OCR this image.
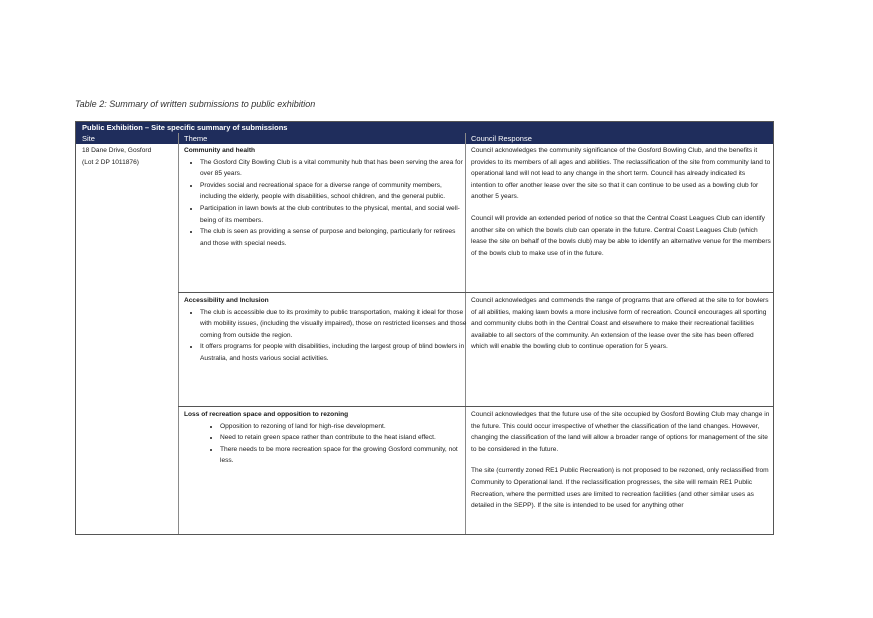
Table 2: Summary of written submissions to public exhibition
Public Exhibition – Site specific summary of submissions
Site	Theme	Council Response
18 Dane Drive, Gosford
(Lot 2 DP 1011876)
Community and health
• The Gosford City Bowling Club is a vital community hub that has been serving the area for over 85 years.
• Provides social and recreational space for a diverse range of community members, including the elderly, people with disabilities, school children, and the general public.
• Participation in lawn bowls at the club contributes to the physical, mental, and social well-being of its members.
• The club is seen as providing a sense of purpose and belonging, particularly for retirees and those with special needs.

Council acknowledges the community significance of the Gosford Bowling Club, and the benefits it provides to its members of all ages and abilities. The reclassification of the site from community land to operational land will not lead to any change in the short term. Council has already indicated its intention to offer another lease over the site so that it can continue to be used as a bowling club for another 5 years.

Council will provide an extended period of notice so that the Central Coast Leagues Club can identify another site on which the bowls club can operate in the future. Central Coast Leagues Club (which lease the site on behalf of the bowls club) may be able to identify an alternative venue for the members of the bowls club to make use of in the future.

Accessibility and Inclusion
• The club is accessible due to its proximity to public transportation, making it ideal for those with mobility issues, (including the visually impaired), those on restricted licenses and those coming from outside the region.
• It offers programs for people with disabilities, including the largest group of blind bowlers in Australia, and hosts various social activities.

Council acknowledges and commends the range of programs that are offered at the site to for bowlers of all abilities, making lawn bowls a more inclusive form of recreation. Council encourages all sporting and community clubs both in the Central Coast and elsewhere to make their recreational facilities available to all sectors of the community. An extension of the lease over the site has been offered which will enable the bowling club to continue operation for 5 years.

Loss of recreation space and opposition to rezoning
• Opposition to rezoning of land for high-rise development.
• Need to retain green space rather than contribute to the heat island effect.
• There needs to be more recreation space for the growing Gosford community, not less.

Council acknowledges that the future use of the site occupied by Gosford Bowling Club may change in the future. This could occur irrespective of whether the classification of the land changes. However, changing the classification of the land will allow a broader range of options for management of the site to be considered in the future.

The site (currently zoned RE1 Public Recreation) is not proposed to be rezoned, only reclassified from Community to Operational land. If the reclassification progresses, the site will remain RE1 Public Recreation, where the permitted uses are limited to recreation facilities (and other similar uses as detailed in the SEPP). If the site is intended to be used for anything other
